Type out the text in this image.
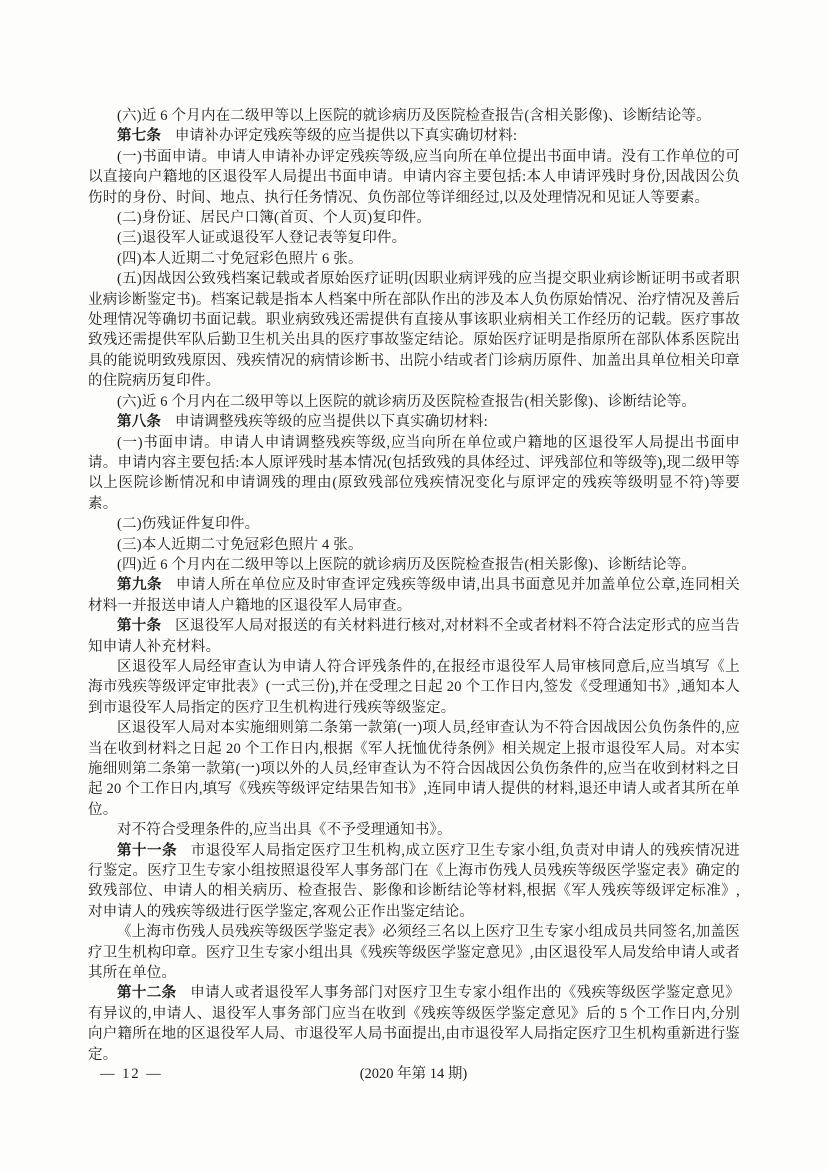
(六)近 6 个月内在二级甲等以上医院的就诊病历及医院检查报告(含相关影像)、诊断结论等。

第七条 申请补办评定残疾等级的应当提供以下真实确切材料:

(一)书面申请。申请人申请补办评定残疾等级,应当向所在单位提出书面申请。没有工作单位的可以直接向户籍地的区退役军人局提出书面申请。申请内容主要包括:本人申请评残时身份,因战因公负伤时的身份、时间、地点、执行任务情况、负伤部位等详细经过,以及处理情况和见证人等要素。

(二)身份证、居民户口簿(首页、个人页)复印件。

(三)退役军人证或退役军人登记表等复印件。

(四)本人近期二寸免冠彩色照片 6 张。

(五)因战因公致残档案记载或者原始医疗证明(因职业病评残的应当提交职业病诊断证明书或者职业病诊断鉴定书)。档案记载是指本人档案中所在部队作出的涉及本人负伤原始情况、治疗情况及善后处理情况等确切书面记载。职业病致残还需提供有直接从事该职业病相关工作经历的记载。医疗事故致残还需提供军队后勤卫生机关出具的医疗事故鉴定结论。原始医疗证明是指原所在部队体系医院出具的能说明致残原因、残疾情况的病情诊断书、出院小结或者门诊病历原件、加盖出具单位相关印章的住院病历复印件。

(六)近 6 个月内在二级甲等以上医院的就诊病历及医院检查报告(相关影像)、诊断结论等。

第八条 申请调整残疾等级的应当提供以下真实确切材料:

(一)书面申请。申请人申请调整残疾等级,应当向所在单位或户籍地的区退役军人局提出书面申请。申请内容主要包括:本人原评残时基本情况(包括致残的具体经过、评残部位和等级等),现二级甲等以上医院诊断情况和申请调残的理由(原致残部位残疾情况变化与原评定的残疾等级明显不符)等要素。

(二)伤残证件复印件。

(三)本人近期二寸免冠彩色照片 4 张。

(四)近 6 个月内在二级甲等以上医院的就诊病历及医院检查报告(相关影像)、诊断结论等。

第九条 申请人所在单位应及时审查评定残疾等级申请,出具书面意见并加盖单位公章,连同相关材料一并报送申请人户籍地的区退役军人局审查。

第十条 区退役军人局对报送的有关材料进行核对,对材料不全或者材料不符合法定形式的应当告知申请人补充材料。

区退役军人局经审查认为申请人符合评残条件的,在报经市退役军人局审核同意后,应当填写《上海市残疾等级评定审批表》(一式三份),并在受理之日起 20 个工作日内,签发《受理通知书》,通知本人到市退役军人局指定的医疗卫生机构进行残疾等级鉴定。

区退役军人局对本实施细则第二条第一款第(一)项人员,经审查认为不符合因战因公负伤条件的,应当在收到材料之日起 20 个工作日内,根据《军人抚恤优待条例》相关规定上报市退役军人局。对本实施细则第二条第一款第(一)项以外的人员,经审查认为不符合因战因公负伤条件的,应当在收到材料之日起 20 个工作日内,填写《残疾等级评定结果告知书》,连同申请人提供的材料,退还申请人或者其所在单位。

对不符合受理条件的,应当出具《不予受理通知书》。

第十一条 市退役军人局指定医疗卫生机构,成立医疗卫生专家小组,负责对申请人的残疾情况进行鉴定。医疗卫生专家小组按照退役军人事务部门在《上海市伤残人员残疾等级医学鉴定表》确定的致残部位、申请人的相关病历、检查报告、影像和诊断结论等材料,根据《军人残疾等级评定标准》,对申请人的残疾等级进行医学鉴定,客观公正作出鉴定结论。

《上海市伤残人员残疾等级医学鉴定表》必须经三名以上医疗卫生专家小组成员共同签名,加盖医疗卫生机构印章。医疗卫生专家小组出具《残疾等级医学鉴定意见》,由区退役军人局发给申请人或者其所在单位。

第十二条 申请人或者退役军人事务部门对医疗卫生专家小组作出的《残疾等级医学鉴定意见》有异议的,申请人、退役军人事务部门应当在收到《残疾等级医学鉴定意见》后的 5 个工作日内,分别向户籍所在地的区退役军人局、市退役军人局书面提出,由市退役军人局指定医疗卫生机构重新进行鉴定。

(2020 年第 14 期)
— 12 —
